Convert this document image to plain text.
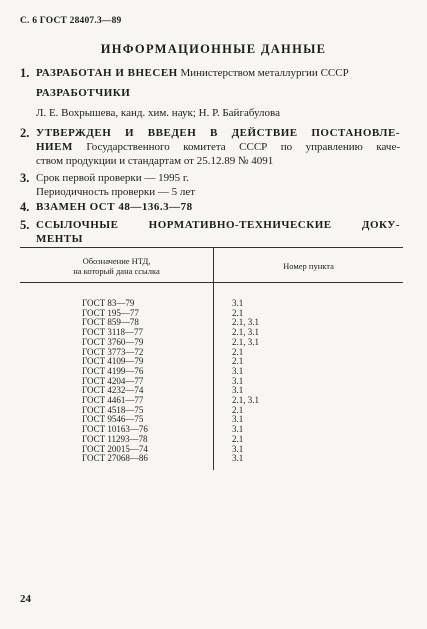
С. 6 ГОСТ 28407.3—89
ИНФОРМАЦИОННЫЕ ДАННЫЕ
1. РАЗРАБОТАН И ВНЕСЕН Министерством металлургии СССР
РАЗРАБОТЧИКИ
Л. Е. Вохрышева, канд. хим. наук; Н. Р. Байгабулова
2. УТВЕРЖДЕН И ВВЕДЕН В ДЕЙСТВИЕ ПОСТАНОВЛЕ-
НИЕМ Государственного комитета СССР по управлению каче-
ством продукции и стандартам от 25.12.89 № 4091
3. Срок первой проверки — 1995 г.
Периодичность проверки — 5 лет
4. ВЗАМЕН ОСТ 48—136.3—78
5. ССЫЛОЧНЫЕ НОРМАТИВНО-ТЕХНИЧЕСКИЕ ДОКУ-
МЕНТЫ
Обозначение НТД,
на который дана ссылка	Номер пункта
ГОСТ 83—79	3.1
ГОСТ 195—77	2.1
ГОСТ 859—78	2.1, 3.1
ГОСТ 3118—77	2.1, 3.1
ГОСТ 3760—79	2.1, 3.1
ГОСТ 3773—72	2.1
ГОСТ 4109—79	2.1
ГОСТ 4199—76	3.1
ГОСТ 4204—77	3.1
ГОСТ 4232—74	3.1
ГОСТ 4461—77	2.1, 3.1
ГОСТ 4518—75	2.1
ГОСТ 9546—75	3.1
ГОСТ 10163—76	3.1
ГОСТ 11293—78	2.1
ГОСТ 20015—74	3.1
ГОСТ 27068—86	3.1
24
